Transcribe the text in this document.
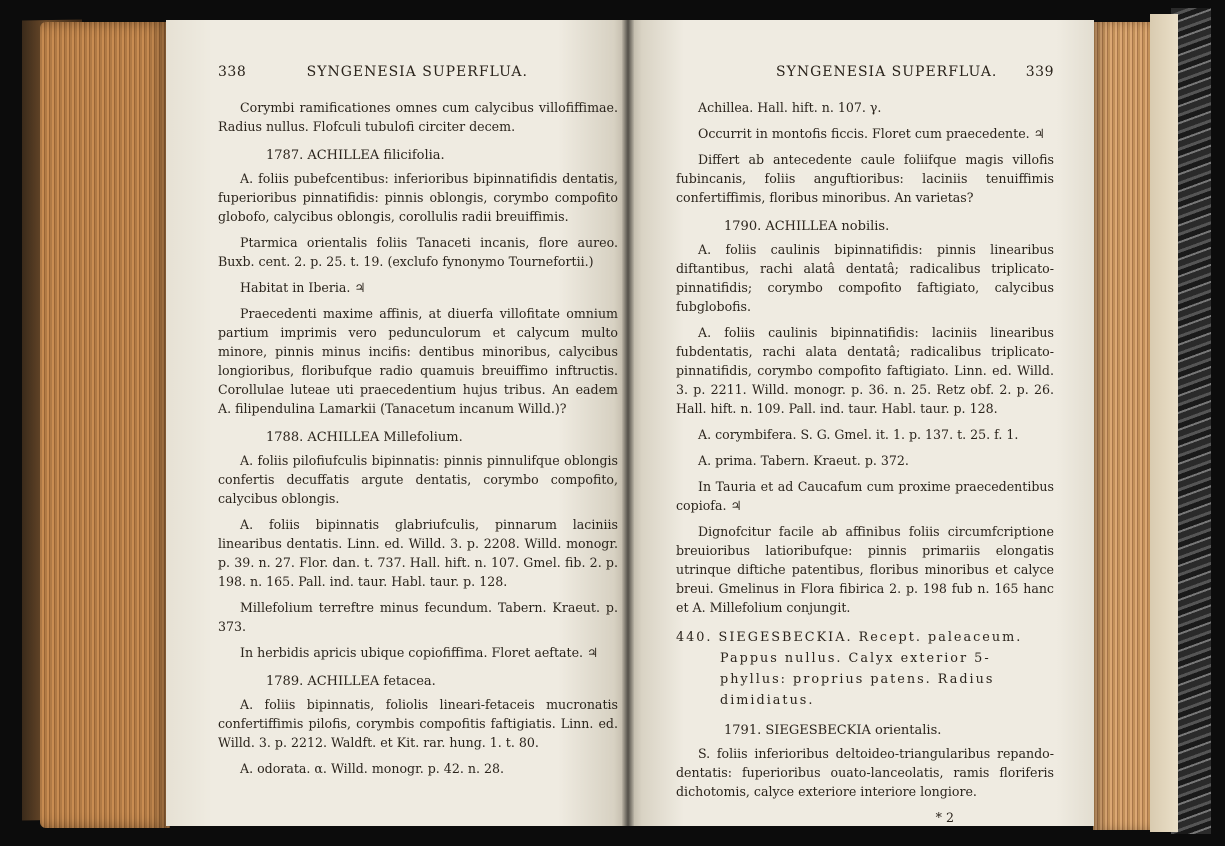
338	SYNGENESIA SUPERFLUA.

Corymbi ramificationes omnes cum calycibus villofiffimae. Radius nullus. Flofculi tubulofi circiter decem.

1787. ACHILLEA filicifolia.

A. foliis pubefcentibus: inferioribus bipinnatifidis dentatis, fuperioribus pinnatifidis: pinnis oblongis, corymbo compofito globofo, calycibus oblongis, corollulis radii breuiffimis.

Ptarmica orientalis foliis Tanaceti incanis, flore aureo. Buxb. cent. 2. p. 25. t. 19. (exclufo fynonymo Tournefortii.)

Habitat in Iberia. ♃

Praecedenti maxime affinis, at diuerfa villofitate omnium partium imprimis vero pedunculorum et calycum multo minore, pinnis minus incifis: dentibus minoribus, calycibus longioribus, floribufque radio quamuis breuiffimo inftructis. Corollulae luteae uti praecedentium hujus tribus. An eadem A. filipendulina Lamarkii (Tanacetum incanum Willd.)?

1788. ACHILLEA Millefolium.

A. foliis pilofiufculis bipinnatis: pinnis pinnulifque oblongis confertis decuffatis argute dentatis, corymbo compofito, calycibus oblongis.

A. foliis bipinnatis glabriufculis, pinnarum laciniis linearibus dentatis. Linn. ed. Willd. 3. p. 2208. Willd. monogr. p. 39. n. 27. Flor. dan. t. 737. Hall. hift. n. 107. Gmel. fib. 2. p. 198. n. 165. Pall. ind. taur. Habl. taur. p. 128.

Millefolium terreftre minus fecundum. Tabern. Kraeut. p. 373.

In herbidis apricis ubique copiofiffima. Floret aeftate. ♃

1789. ACHILLEA fetacea.

A. foliis bipinnatis, foliolis lineari-fetaceis mucronatis confertiffimis pilofis, corymbis compofitis faftigiatis. Linn. ed. Willd. 3. p. 2212. Waldft. et Kit. rar. hung. 1. t. 80.

A. odorata. α. Willd. monogr. p. 42. n. 28.

SYNGENESIA SUPERFLUA. 339

Achillea. Hall. hift. n. 107. γ.

Occurrit in montofis ficcis. Floret cum praecedente. ♃

Differt ab antecedente caule foliifque magis villofis fubincanis, foliis anguftioribus: laciniis tenuiffimis confertiffimis, floribus minoribus. An varietas?

1790. ACHILLEA nobilis.

A. foliis caulinis bipinnatifidis: pinnis linearibus diftantibus, rachi alatâ dentatâ; radicalibus triplicato-pinnatifidis; corymbo compofito faftigiato, calycibus fubglobofis.

A. foliis caulinis bipinnatifidis: laciniis linearibus fubdentatis, rachi alata dentatâ; radicalibus triplicato-pinnatifidis, corymbo compofito faftigiato. Linn. ed. Willd. 3. p. 2211. Willd. monogr. p. 36. n. 25. Retz obf. 2. p. 26. Hall. hift. n. 109. Pall. ind. taur. Habl. taur. p. 128.

A. corymbifera. S. G. Gmel. it. 1. p. 137. t. 25. f. 1.

A. prima. Tabern. Kraeut. p. 372.

In Tauria et ad Caucafum cum proxime praecedentibus copiofa. ♃

Dignofcitur facile ab affinibus foliis circumfcriptione breuioribus latioribufque: pinnis primariis elongatis utrinque diftiche patentibus, floribus minoribus et calyce breui. Gmelinus in Flora fibirica 2. p. 198 fub n. 165 hanc et A. Millefolium conjungit.

440. SIEGESBECKIA. Recept. paleaceum. Pappus nullus. Calyx exterior 5-phyllus: proprius patens. Radius dimidiatus.
1791. SIEGESBECKIA orientalis.

S. foliis inferioribus deltoideo-triangularibus repando-dentatis: fuperioribus ouato-lanceolatis, ramis floriferis dichotomis, calyce exteriore interiore longiore.

* 2
